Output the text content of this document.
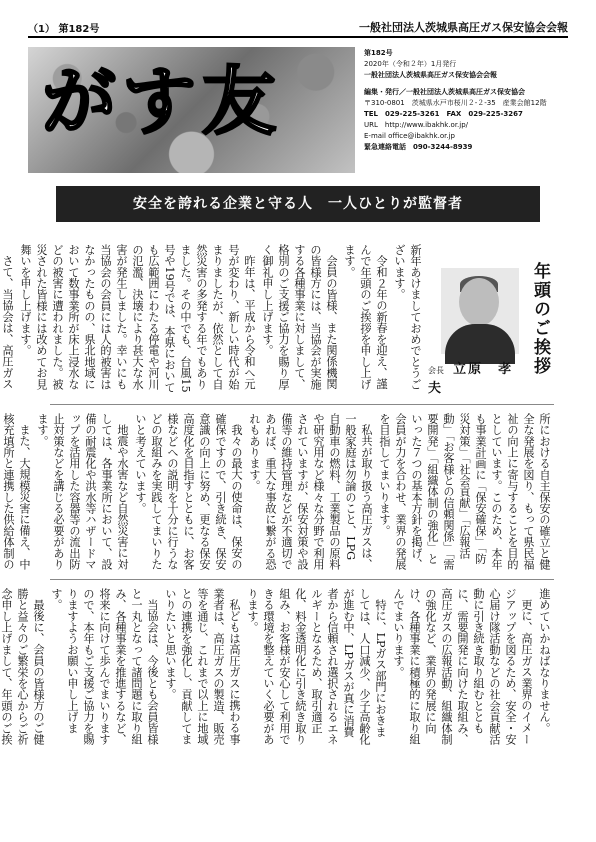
（1） 第182号	一般社団法人茨城県高圧ガス保安協会会報
がす友
第182号
2020年（令和２年）1月発行
一般社団法人茨城県高圧ガス保安協会会報
編集・発行／一般社団法人茨城県高圧ガス保安協会
〒310-0801　茨城県水戸市桜川２-２-35　産業会館12階
TEL　029-225-3261　FAX　029-225-3267
URL　http://www.ibakhk.or.jp/
E-mail office@ibakhk.or.jp
緊急連絡電話　090-3244-8939
安全を誇れる企業と守る人　一人ひとりが監督者
会長 立原　孝夫
年頭のご挨拶

新年あけましておめでとうございます。

令和２年の新春を迎え、謹んで年頭のご挨拶を申し上げます。

会員の皆様、また関係機関の皆様方には、当協会が実施する各種事業に対しまして、格別のご支援ご協力を賜り厚く御礼申し上げます。

昨年は、平成から令和へ元号が変わり、新しい時代が始まりましたが、依然として自然災害の多発する年でもありました。その中でも、台風15号や19号では、本県においても広範囲にわたる停電や河川の氾濫、決壊により甚大な水害が発生しました。幸いにも当協会の会員には人的被害はなかったものの、県北地域において数事業所が床上浸水などの被害に遭われました。被災された皆様には改めてお見舞いを申し上げます。

さて、当協会は、高圧ガス

所における自主保安の確立と健全な発展を図り、もって県民福祉の向上に寄与することを目的としています。このため、本年も事業計画に「保安確保」「防災対策」「社会貢献」「広報活動」「お客様との信頼関係」「需要開発」「組織体制の強化」といった７つの基本方針を掲げ、会員が力を合わせ、業界の発展を目指してまいります。

私共が取り扱う高圧ガスは、一般家庭は勿論のこと、LPG自動車の燃料、工業製品の原料や研究用など様々な分野で利用されていますが、保安対策や設備等の維持管理などが不適切であれば、重大な事故に繋がる恐れもあります。

我々の最大の使命は、保安の確保ですので、引き続き、保安意識の向上に努め、更なる保安高度化を目指すとともに、お客様などへの説明を十分に行うなどの取組みを実践してまいりたいと考えています。

地震や水害など自然災害に対しては、各事業所において、設備の耐震化や洪水等ハザードマップを活用した容器等の流出防止対策などを講じる必要があります。

また、大規模災害に備え、中核充填所と連携した供給体制の

進めていかねばなりません。

更に、高圧ガス業界のイメージアップを図るため、安全・安心届け隊活動などの社会貢献活動に引き続き取り組むとともに、需要開発に向けた取組み、高圧ガスの広報活動、組織体制の強化など、業界の発展に向け、各種事業に積極的に取り組んでまいります。

特に、LPガス部門におきましては、人口減少、少子高齢化が進む中、LPガスが真に消費者から信頼され選択されるエネルギーとなるため、取引適正化、料金透明化に引き続き取り組み、お客様が安心して利用できる環境を整えていく必要があります。

私どもは高圧ガスに携わる事業者は、高圧ガスの製造、販売等を通じ、これまで以上に地域との連携を強化し、貢献してまいりたいと思います。

当協会は、今後とも会員皆様と一丸となって諸問題に取り組み、各種事業を推進するなど、将来に向けて歩んでまいりますので、本年もご支援ご協力を賜りますようお願い申し上げます。

最後に、会員の皆様方のご健勝と益々のご繁栄を心からご祈念申し上げまして、年頭のご挨
